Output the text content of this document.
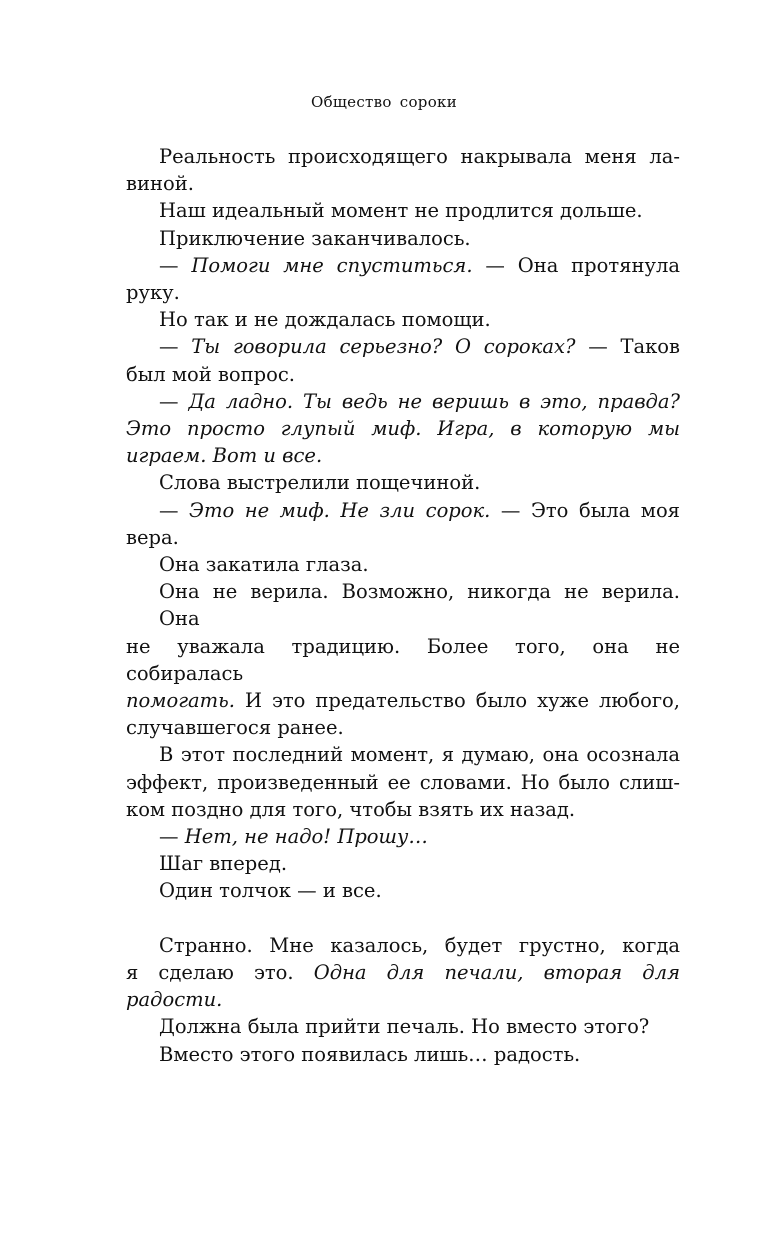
Общество сороки
Реальность происходящего накрывала меня ла-
виной.
Наш идеальный момент не продлится дольше.
Приключение заканчивалось.
— Помоги мне спуститься. — Она протянула
руку.
Но так и не дождалась помощи.
— Ты говорила серьезно? О сороках? — Таков
был мой вопрос.
— Да ладно. Ты ведь не веришь в это, правда?
Это просто глупый миф. Игра, в которую мы
играем. Вот и все.
Слова выстрелили пощечиной.
— Это не миф. Не зли сорок. — Это была моя
вера.
Она закатила глаза.
Она не верила. Возможно, никогда не верила. Она
не уважала традицию. Более того, она не собиралась
помогать. И это предательство было хуже любого,
случавшегося ранее.
В этот последний момент, я думаю, она осознала
эффект, произведенный ее словами. Но было слиш-
ком поздно для того, чтобы взять их назад.
— Нет, не надо! Прошу…
Шаг вперед.
Один толчок — и все.
Странно. Мне казалось, будет грустно, когда
я сделаю это. Одна для печали, вторая для радости.
Должна была прийти печаль. Но вместо этого?
Вместо этого появилась лишь… радость.
